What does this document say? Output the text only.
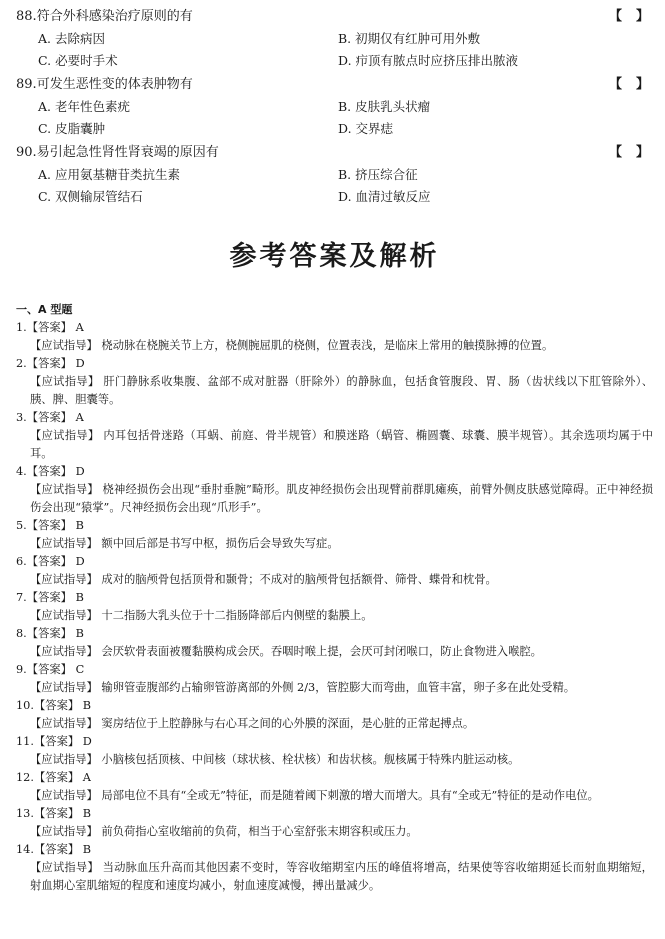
88.符合外科感染治疗原则的有	【 】
A. 去除病因	B. 初期仅有红肿可用外敷
C. 必要时手术	D. 疖顶有脓点时应挤压排出脓液
89.可发生恶性变的体表肿物有	【 】
A. 老年性色素疣	B. 皮肤乳头状瘤
C. 皮脂囊肿	D. 交界痣
90.易引起急性肾性肾衰竭的原因有	【 】
A. 应用氨基糖苷类抗生素	B. 挤压综合征
C. 双侧输尿管结石	D. 血清过敏反应
参考答案及解析
一、A 型题
1.【答案】 A
【应试指导】 桡动脉在桡腕关节上方，桡侧腕屈肌的桡侧，位置表浅，是临床上常用的触摸脉搏的位置。
2.【答案】 D
【应试指导】 肝门静脉系收集腹、盆部不成对脏器（肝除外）的静脉血，包括食管腹段、胃、肠（齿状线以下肛管除外）、胰、脾、胆囊等。
3.【答案】 A
【应试指导】 内耳包括骨迷路（耳蜗、前庭、骨半规管）和膜迷路（蜗管、椭圆囊、球囊、膜半规管）。其余选项均属于中耳。
4.【答案】 D
【应试指导】 桡神经损伤会出现“垂肘垂腕”畸形。肌皮神经损伤会出现臂前群肌瘫痪，前臂外侧皮肤感觉障碍。正中神经损伤会出现“猿掌”。尺神经损伤会出现“爪形手”。
5.【答案】 B
【应试指导】 额中回后部是书写中枢，损伤后会导致失写症。
6.【答案】 D
【应试指导】 成对的脑颅骨包括顶骨和颞骨；不成对的脑颅骨包括额骨、筛骨、蝶骨和枕骨。
7.【答案】 B
【应试指导】 十二指肠大乳头位于十二指肠降部后内侧壁的黏膜上。
8.【答案】 B
【应试指导】 会厌软骨表面被覆黏膜构成会厌。吞咽时喉上提，会厌可封闭喉口，防止食物进入喉腔。
9.【答案】 C
【应试指导】 输卵管壶腹部约占输卵管游离部的外侧 2/3，管腔膨大而弯曲，血管丰富，卵子多在此处受精。
10.【答案】 B
【应试指导】 窦房结位于上腔静脉与右心耳之间的心外膜的深面，是心脏的正常起搏点。
11.【答案】 D
【应试指导】 小脑核包括顶核、中间核（球状核、栓状核）和齿状核。舰核属于特殊内脏运动核。
12.【答案】 A
【应试指导】 局部电位不具有“全或无”特征，而是随着阈下刺激的增大而增大。具有“全或无”特征的是动作电位。
13.【答案】 B
【应试指导】 前负荷指心室收缩前的负荷，相当于心室舒张末期容积或压力。
14.【答案】 B
【应试指导】 当动脉血压升高而其他因素不变时，等容收缩期室内压的峰值将增高，结果使等容收缩期延长而射血期缩短，射血期心室肌缩短的程度和速度均减小，射血速度减慢，搏出量减少。
